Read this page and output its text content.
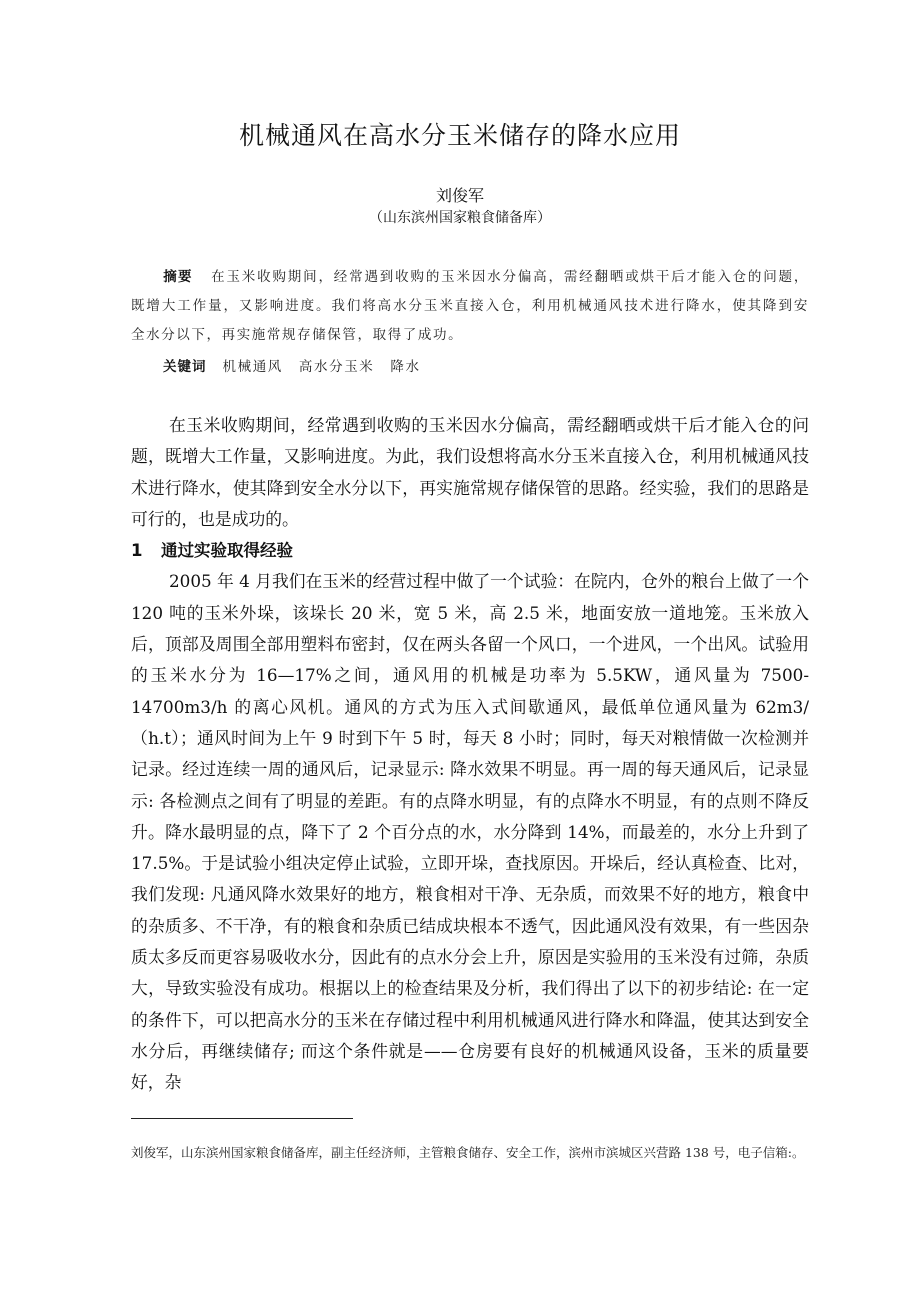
机械通风在高水分玉米储存的降水应用
刘俊军
（山东滨州国家粮食储备库）
摘要 在玉米收购期间，经常遇到收购的玉米因水分偏高，需经翻晒或烘干后才能入仓的问题，既增大工作量，又影响进度。我们将高水分玉米直接入仓，利用机械通风技术进行降水，使其降到安全水分以下，再实施常规存储保管，取得了成功。
关键词 机械通风 高水分玉米 降水

在玉米收购期间，经常遇到收购的玉米因水分偏高，需经翻晒或烘干后才能入仓的问题，既增大工作量，又影响进度。为此，我们设想将高水分玉米直接入仓，利用机械通风技术进行降水，使其降到安全水分以下，再实施常规存储保管的思路。经实验，我们的思路是可行的，也是成功的。

1 通过实验取得经验

2005 年 4 月我们在玉米的经营过程中做了一个试验：在院内，仓外的粮台上做了一个 120 吨的玉米外垛，该垛长 20 米，宽 5 米，高 2.5 米，地面安放一道地笼。玉米放入后，顶部及周围全部用塑料布密封，仅在两头各留一个风口，一个进风，一个出风。试验用的玉米水分为 16—17%之间，通风用的机械是功率为 5.5KW，通风量为 7500-14700m3/h 的离心风机。通风的方式为压入式间歇通风，最低单位通风量为 62m3/（h.t）；通风时间为上午 9 时到下午 5 时，每天 8 小时；同时，每天对粮情做一次检测并记录。经过连续一周的通风后，记录显示: 降水效果不明显。再一周的每天通风后，记录显示: 各检测点之间有了明显的差距。有的点降水明显，有的点降水不明显，有的点则不降反升。降水最明显的点，降下了 2 个百分点的水，水分降到 14%，而最差的，水分上升到了 17.5%。于是试验小组决定停止试验，立即开垛，查找原因。开垛后，经认真检查、比对，我们发现: 凡通风降水效果好的地方，粮食相对干净、无杂质，而效果不好的地方，粮食中的杂质多、不干净，有的粮食和杂质已结成块根本不透气，因此通风没有效果，有一些因杂质太多反而更容易吸收水分，因此有的点水分会上升，原因是实验用的玉米没有过筛，杂质大，导致实验没有成功。根据以上的检查结果及分析，我们得出了以下的初步结论: 在一定的条件下，可以把高水分的玉米在存储过程中利用机械通风进行降水和降温，使其达到安全水分后，再继续储存; 而这个条件就是——仓房要有良好的机械通风设备，玉米的质量要好，杂

刘俊军，山东滨州国家粮食储备库，副主任经济师，主管粮食储存、安全工作，滨州市滨城区兴营路 138 号，电子信箱:。
